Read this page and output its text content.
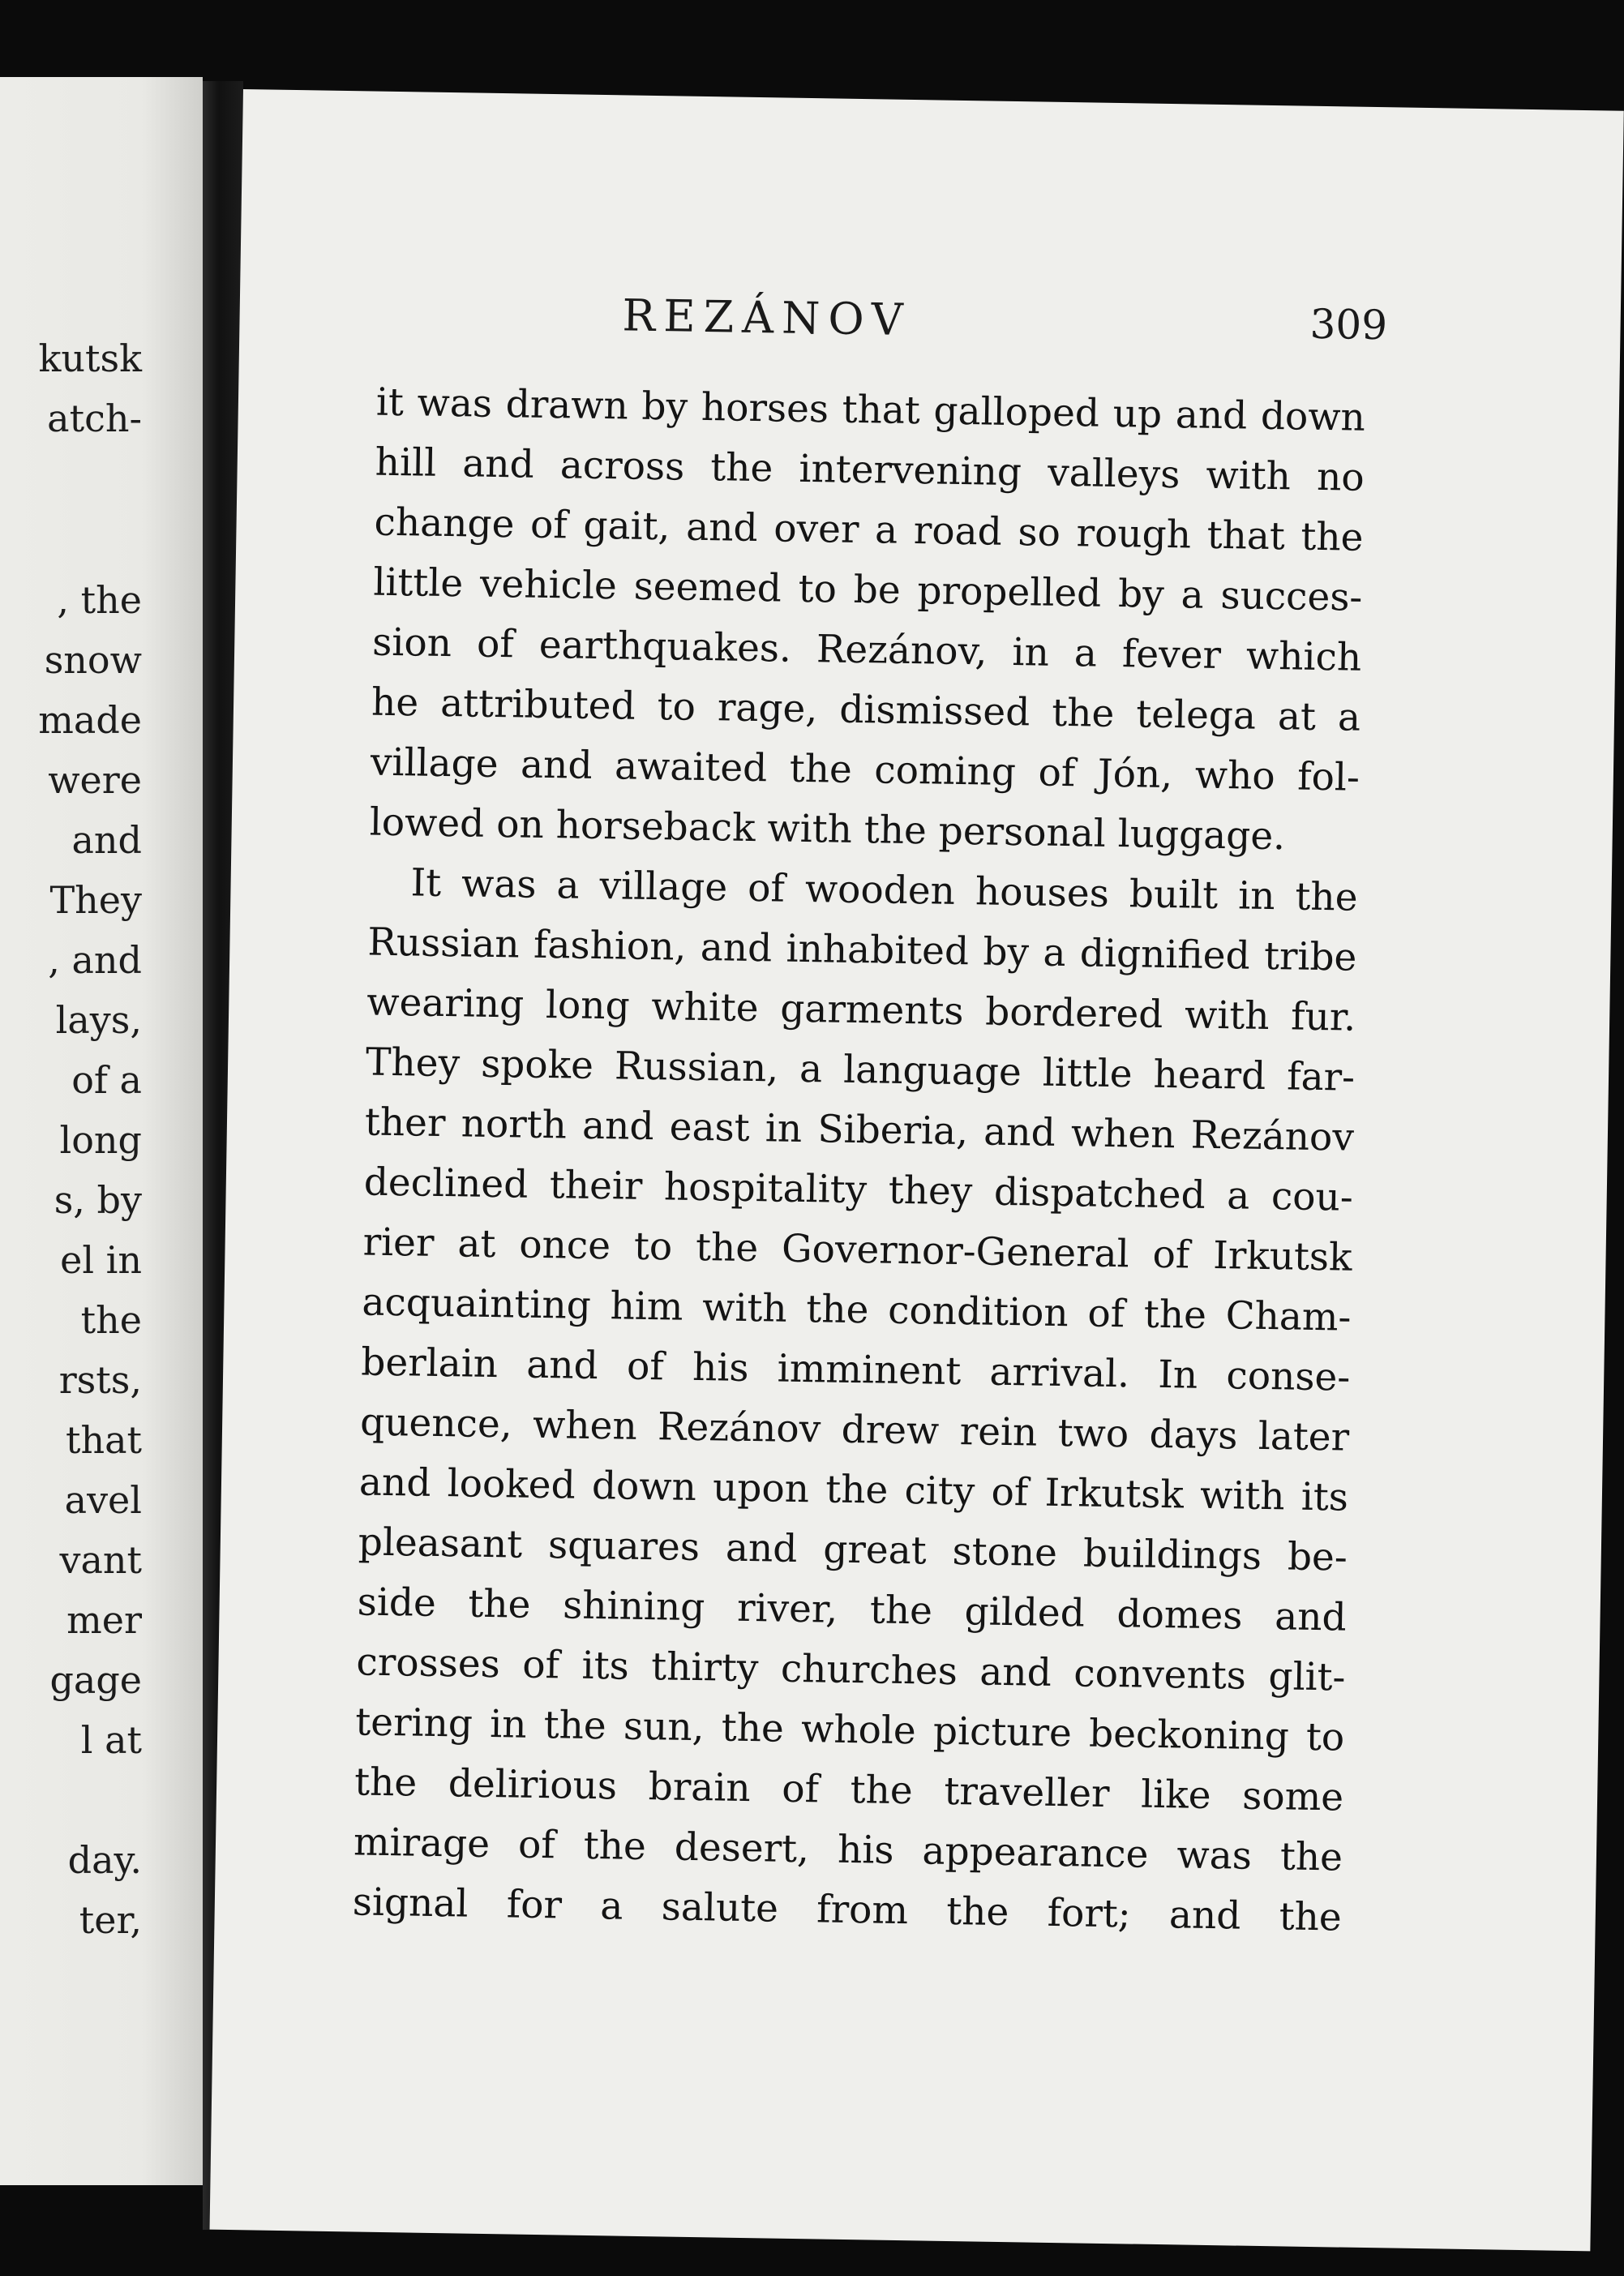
kutsk
atch-
, the
snow
made
were
and
They
, and
lays,
of a
long
s, by
el in
the
rsts,
that
avel
vant
mer
gage
l at
day.
ter,
REZÁNOV	309
it was drawn by horses that galloped up and down
hill and across the intervening valleys with no
change of gait, and over a road so rough that the
little vehicle seemed to be propelled by a succes-
sion of earthquakes. Rezánov, in a fever which
he attributed to rage, dismissed the telega at a
village and awaited the coming of Jón, who fol-
lowed on horseback with the personal luggage.
It was a village of wooden houses built in the
Russian fashion, and inhabited by a dignified tribe
wearing long white garments bordered with fur.
They spoke Russian, a language little heard far-
ther north and east in Siberia, and when Rezánov
declined their hospitality they dispatched a cou-
rier at once to the Governor-General of Irkutsk
acquainting him with the condition of the Cham-
berlain and of his imminent arrival. In conse-
quence, when Rezánov drew rein two days later
and looked down upon the city of Irkutsk with its
pleasant squares and great stone buildings be-
side the shining river, the gilded domes and
crosses of its thirty churches and convents glit-
tering in the sun, the whole picture beckoning to
the delirious brain of the traveller like some
mirage of the desert, his appearance was the
signal for a salute from the fort; and the
